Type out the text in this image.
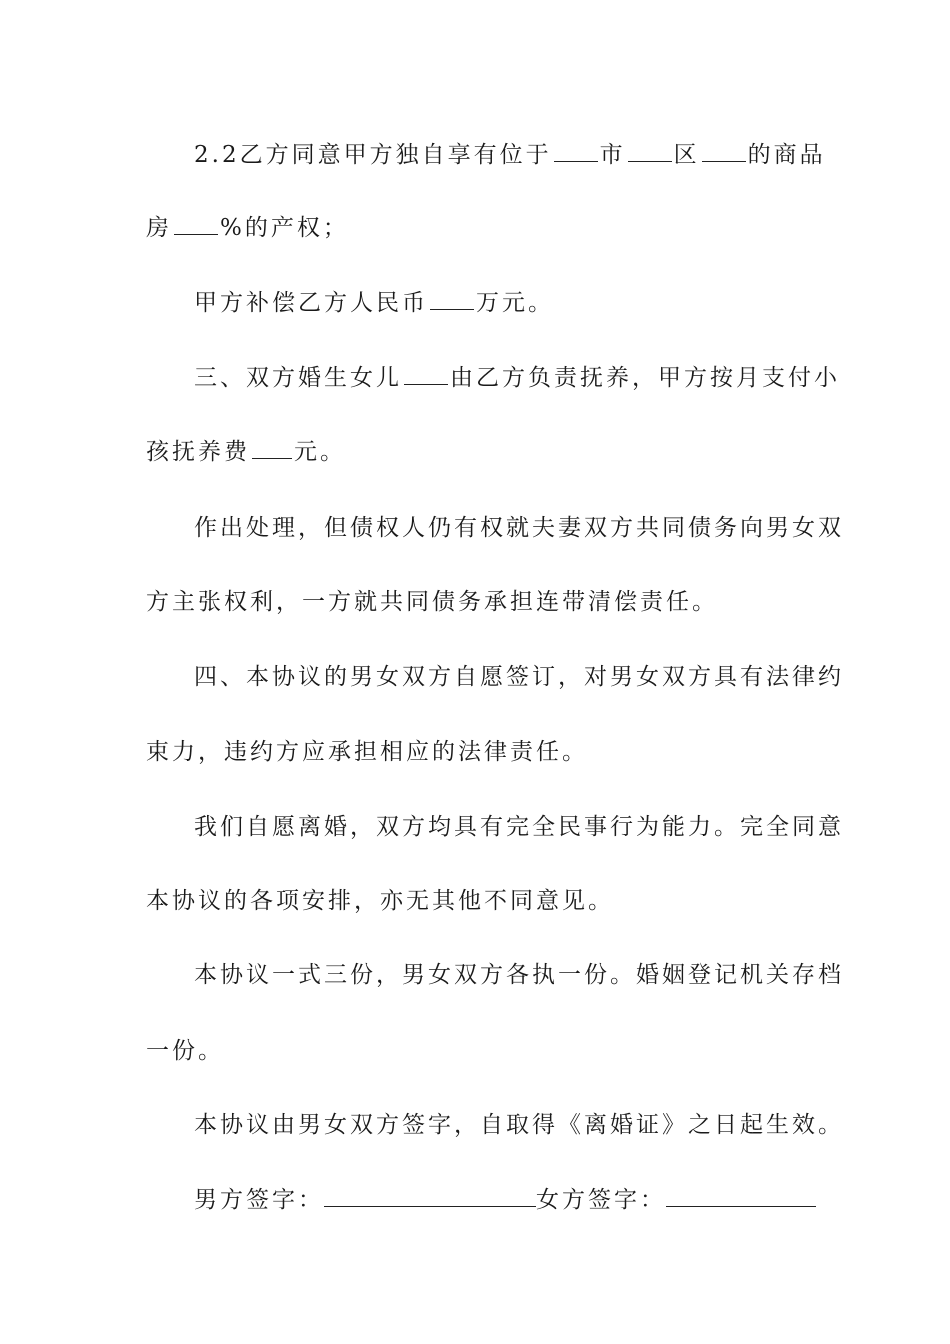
2.2乙方同意甲方独自享有位于 市 区 的商品
房 %的产权；
甲方补偿乙方人民币 万元。
三、双方婚生女儿 由乙方负责抚养，甲方按月支付小
孩抚养费 元。
作出处理，但债权人仍有权就夫妻双方共同债务向男女双
方主张权利，一方就共同债务承担连带清偿责任。
四、本协议的男女双方自愿签订，对男女双方具有法律约
束力，违约方应承担相应的法律责任。
我们自愿离婚，双方均具有完全民事行为能力。完全同意
本协议的各项安排，亦无其他不同意见。
本协议一式三份，男女双方各执一份。婚姻登记机关存档
一份。
本协议由男女双方签字，自取得《离婚证》之日起生效。
男方签字：	女方签字：
